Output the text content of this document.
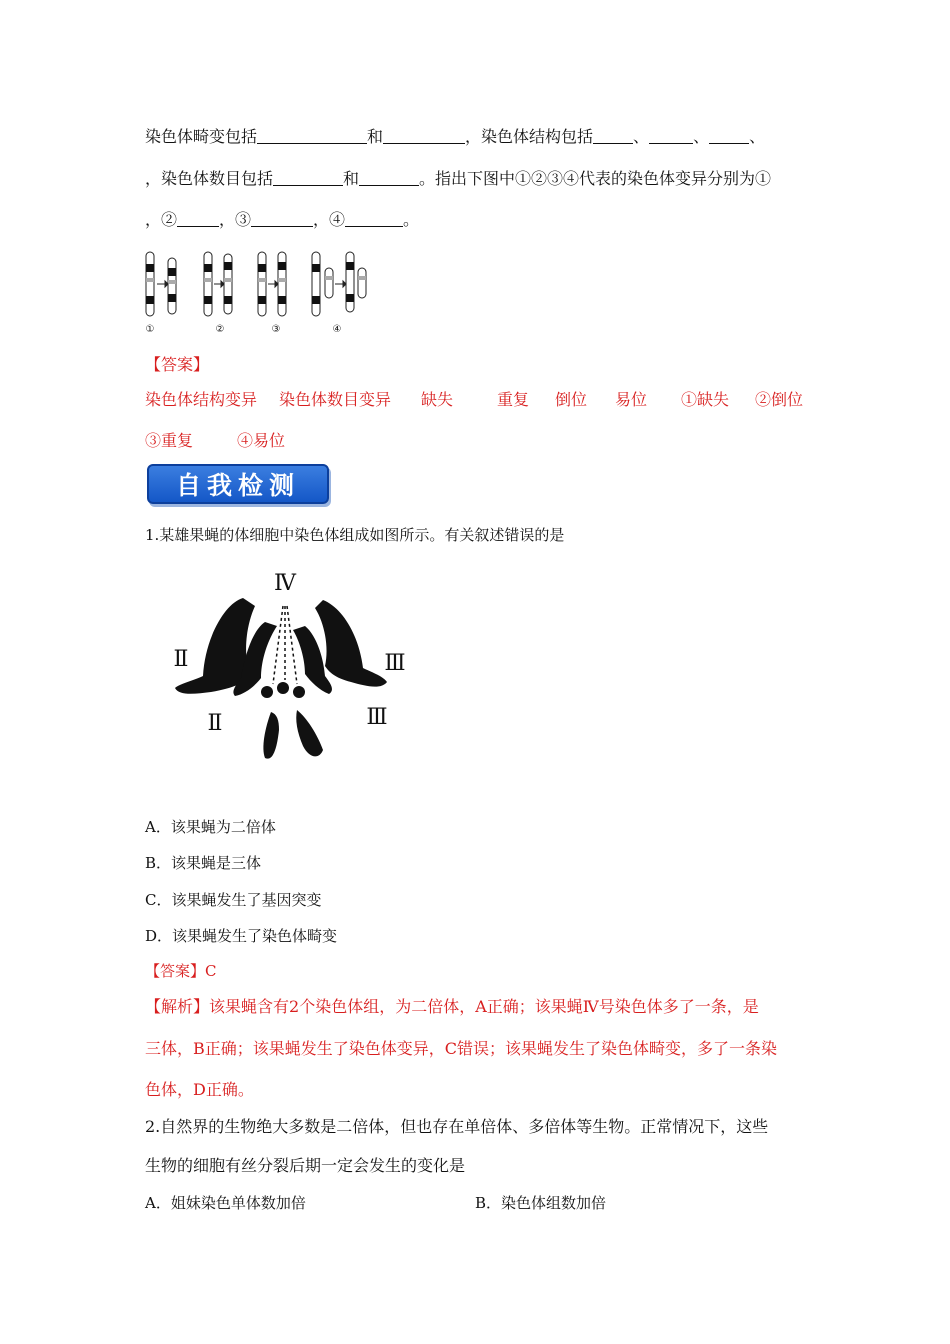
染色体畸变包括	和	，染色体结构包括	、	、	、
，染色体数目包括	和	。指出下图中①②③④代表的染色体变异分别为①
，②	，③	，④	。
①	②	③	④
【答案】
染色体结构变异 染色体数目变异 缺失	重复 倒位 易位 ①缺失 ②倒位
③重复	④易位
自我检测
1.某雄果蝇的体细胞中染色体组成如图所示。有关叙述错误的是
Ⅳ
Ⅱ
Ⅱ
Ⅲ
Ⅲ
A．该果蝇为二倍体
B．该果蝇是三体
C．该果蝇发生了基因突变
D．该果蝇发生了染色体畸变
【答案】C
【解析】该果蝇含有2个染色体组，为二倍体，A正确；该果蝇Ⅳ号染色体多了一条，是
三体，B正确；该果蝇发生了染色体变异，C错误；该果蝇发生了染色体畸变，多了一条染
色体，D正确。
2.自然界的生物绝大多数是二倍体，但也存在单倍体、多倍体等生物。正常情况下，这些
生物的细胞有丝分裂后期一定会发生的变化是
A．姐妹染色单体数加倍	B．染色体组数加倍
